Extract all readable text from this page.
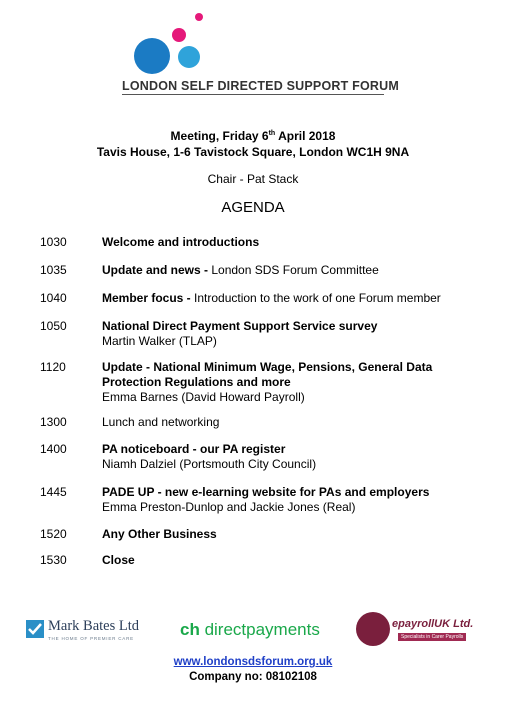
LONDON SELF DIRECTED SUPPORT FORUM
Meeting, Friday 6th April 2018
Tavis House, 1-6 Tavistock Square, London WC1H 9NA
Chair - Pat Stack
AGENDA
1030	Welcome and introductions
1035	Update and news - London SDS Forum Committee
1040	Member focus - Introduction to the work of one Forum member
1050	National Direct Payment Support Service survey
Martin Walker (TLAP)
1120	Update - National Minimum Wage, Pensions, General Data
Protection Regulations and more
Emma Barnes (David Howard Payroll)
1300	Lunch and networking
1400	PA noticeboard - our PA register
Niamh Dalziel (Portsmouth City Council)
1445	PADE UP - new e-learning website for PAs and employers
Emma Preston-Dunlop and Jackie Jones (Real)
1520	Any Other Business
1530	Close
Mark Bates Ltd
THE HOME OF PREMIER CARE	ch directpayments	epayrollUK Ltd.
Specialists in Carer Payrolls
www.londonsdsforum.org.uk
Company no: 08102108
